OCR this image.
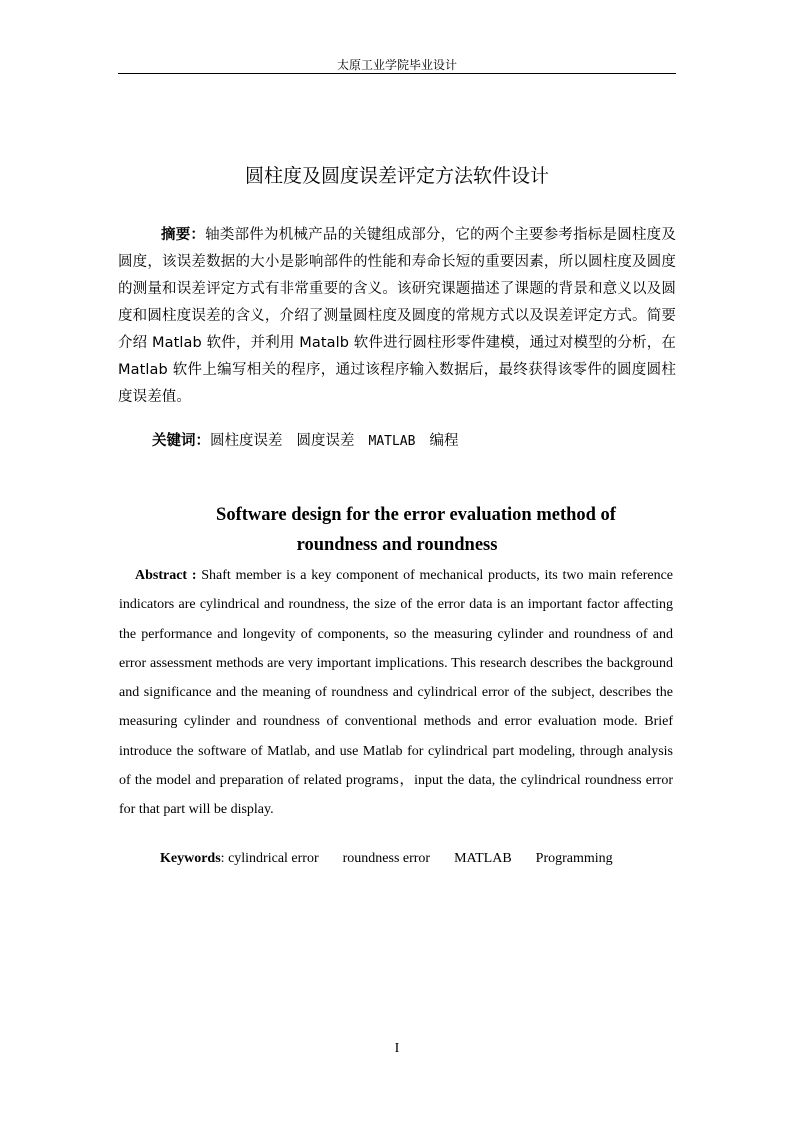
太原工业学院毕业设计
圆柱度及圆度误差评定方法软件设计
摘要：轴类部件为机械产品的关键组成部分，它的两个主要参考指标是圆柱度及圆度，该误差数据的大小是影响部件的性能和寿命长短的重要因素，所以圆柱度及圆度的测量和误差评定方式有非常重要的含义。该研究课题描述了课题的背景和意义以及圆度和圆柱度误差的含义，介绍了测量圆柱度及圆度的常规方式以及误差评定方式。简要介绍 Matlab 软件，并利用 Matalb 软件进行圆柱形零件建模，通过对模型的分析，在 Matlab 软件上编写相关的程序，通过该程序输入数据后，最终获得该零件的圆度圆柱度误差值。
关键词：圆柱度误差 圆度误差 MATLAB 编程
Software design for the error evaluation method of
roundness and roundness
Abstract : Shaft member is a key component of mechanical products, its two main reference indicators are cylindrical and roundness, the size of the error data is an important factor affecting the performance and longevity of components, so the measuring cylinder and roundness of and error assessment methods are very important implications. This research describes the background and significance and the meaning of roundness and cylindrical error of the subject, describes the measuring cylinder and roundness of conventional methods and error evaluation mode. Brief introduce the software of Matlab, and use Matlab for cylindrical part modeling, through analysis of the model and preparation of related programs，input the data, the cylindrical roundness error for that part will be display.
Keywords: cylindrical error roundness error MATLAB Programming
I
